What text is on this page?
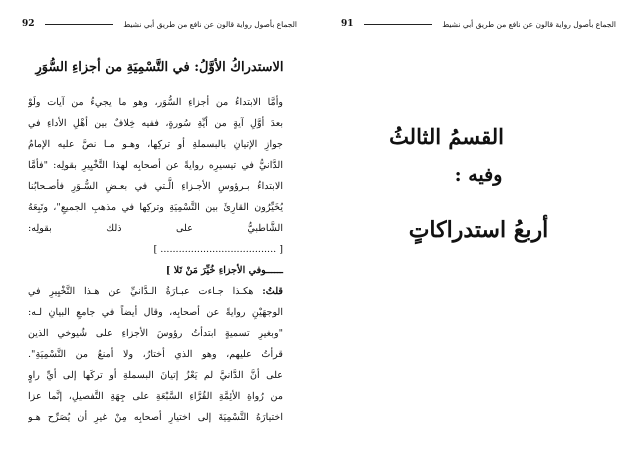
الجماع بأصول رواية قالون عن نافع من طريق أبي نشيط
92
الاستدراكُ الأوَّلُ: في التَّسْمِيَةِ من أجزاءِ السُّوَرِ
وأمَّا الابتداءُ من أجزاءِ السُّوَر، وهو ما يجيءُ من آيات ولَوْ
بعدَ أوَّلِ آيةٍ من أيِّةِ سُورةٍ، ففيه خِلافٌ بين أهْلِ الأداءِ في
جوازِ الإتيانِ بالبسملةِ أو تركِها، وهـو مـا نصَّ عليه الإمامُ
الدَّانيُّ في تيسيرِه روايةً عن أصحابِه لهذا التَّخْيِيرِ بقولِه: "فأمَّا
الابتداءُ بـرؤوسِ الأجـزاءِ الَّـتي في بعـضِ السُّـوَرِ فأصـحابُنا
يُخَيِّرُون القارِئَ بين التَّسْمِيَةِ وتركِها في مذهبِ الجميعِ"، وتَبِعَهُ
الشَّاطبيُّ على ذلك بقولِه:
[ ...................................... ]
ــــــوفي الأجزاءِ خُيِّرَ مَنْ تَلا ]
قلتُ: هكـذا جـاءت عبـارَةُ الـدَّانيِّ عن هـذا التَّخْيِيرِ في
الوجهَيْنِ روايةً عن أصحابِه، وقال أيضاً في جامعِ البيانِ لـه:
"وبغيرِ تسميةٍ ابتدأتُ رؤوسَ الأجزاءِ على شُيوخي الذين
قرأتُ عليهم، وهو الذي أختارُ، ولا أمنعُ من التَّسْمِيَةِ".
على أنَّ الدَّانيَّ لم يَعْزُ إتيانَ البسملةِ أو تركَها إلى أيِّ راوٍ
من رُواةِ الأئِمَّةِ القُرَّاءِ السَّبْعَةِ على جِهَةِ التَّفصيلِ، إنَّما عزا
اختيارَهُ التَّسْمِيَةَ إلى اختيارِ أصحابِه مِنْ غيرِ أن يُصَرِّح هـو
الجماع بأصول رواية قالون عن نافع من طريق أبي نشيط
91
القسمُ الثالثُ
وفيه :
أربعُ استدراكاتٍ
